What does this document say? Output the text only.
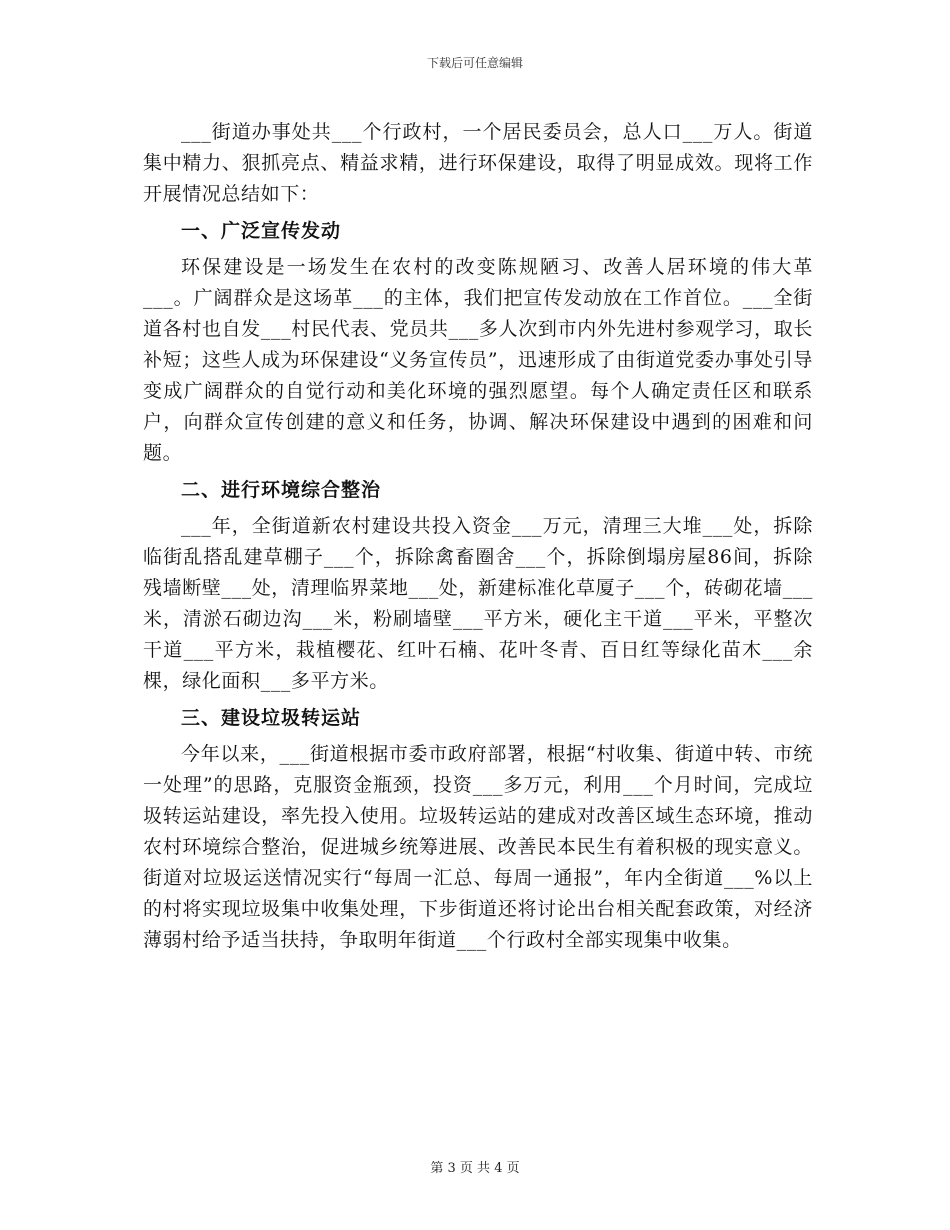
下载后可任意编辑

___街道办事处共___个行政村，一个居民委员会，总人口___万人。街道集中精力、狠抓亮点、精益求精，进行环保建设，取得了明显成效。现将工作开展情况总结如下：

一、广泛宣传发动

环保建设是一场发生在农村的改变陈规陋习、改善人居环境的伟大革___。广阔群众是这场革___的主体，我们把宣传发动放在工作首位。___全街道各村也自发___村民代表、党员共___多人次到市内外先进村参观学习，取长补短；这些人成为环保建设“义务宣传员”，迅速形成了由街道党委办事处引导变成广阔群众的自觉行动和美化环境的强烈愿望。每个人确定责任区和联系户，向群众宣传创建的意义和任务，协调、解决环保建设中遇到的困难和问题。

二、进行环境综合整治

___年，全街道新农村建设共投入资金___万元，清理三大堆___处，拆除临街乱搭乱建草棚子___个，拆除禽畜圈舍___个，拆除倒塌房屋86间，拆除残墙断壁___处，清理临界菜地___处，新建标准化草厦子___个，砖砌花墙___米，清淤石砌边沟___米，粉刷墙壁___平方米，硬化主干道___平米，平整次干道___平方米，栽植樱花、红叶石楠、花叶冬青、百日红等绿化苗木___余棵，绿化面积___多平方米。

三、建设垃圾转运站

今年以来，___街道根据市委市政府部署，根据“村收集、街道中转、市统一处理”的思路，克服资金瓶颈，投资___多万元，利用___个月时间，完成垃圾转运站建设，率先投入使用。垃圾转运站的建成对改善区域生态环境，推动农村环境综合整治，促进城乡统筹进展、改善民本民生有着积极的现实意义。街道对垃圾运送情况实行“每周一汇总、每周一通报”，年内全街道___%以上的村将实现垃圾集中收集处理，下步街道还将讨论出台相关配套政策，对经济薄弱村给予适当扶持，争取明年街道___个行政村全部实现集中收集。

第 3 页 共 4 页
